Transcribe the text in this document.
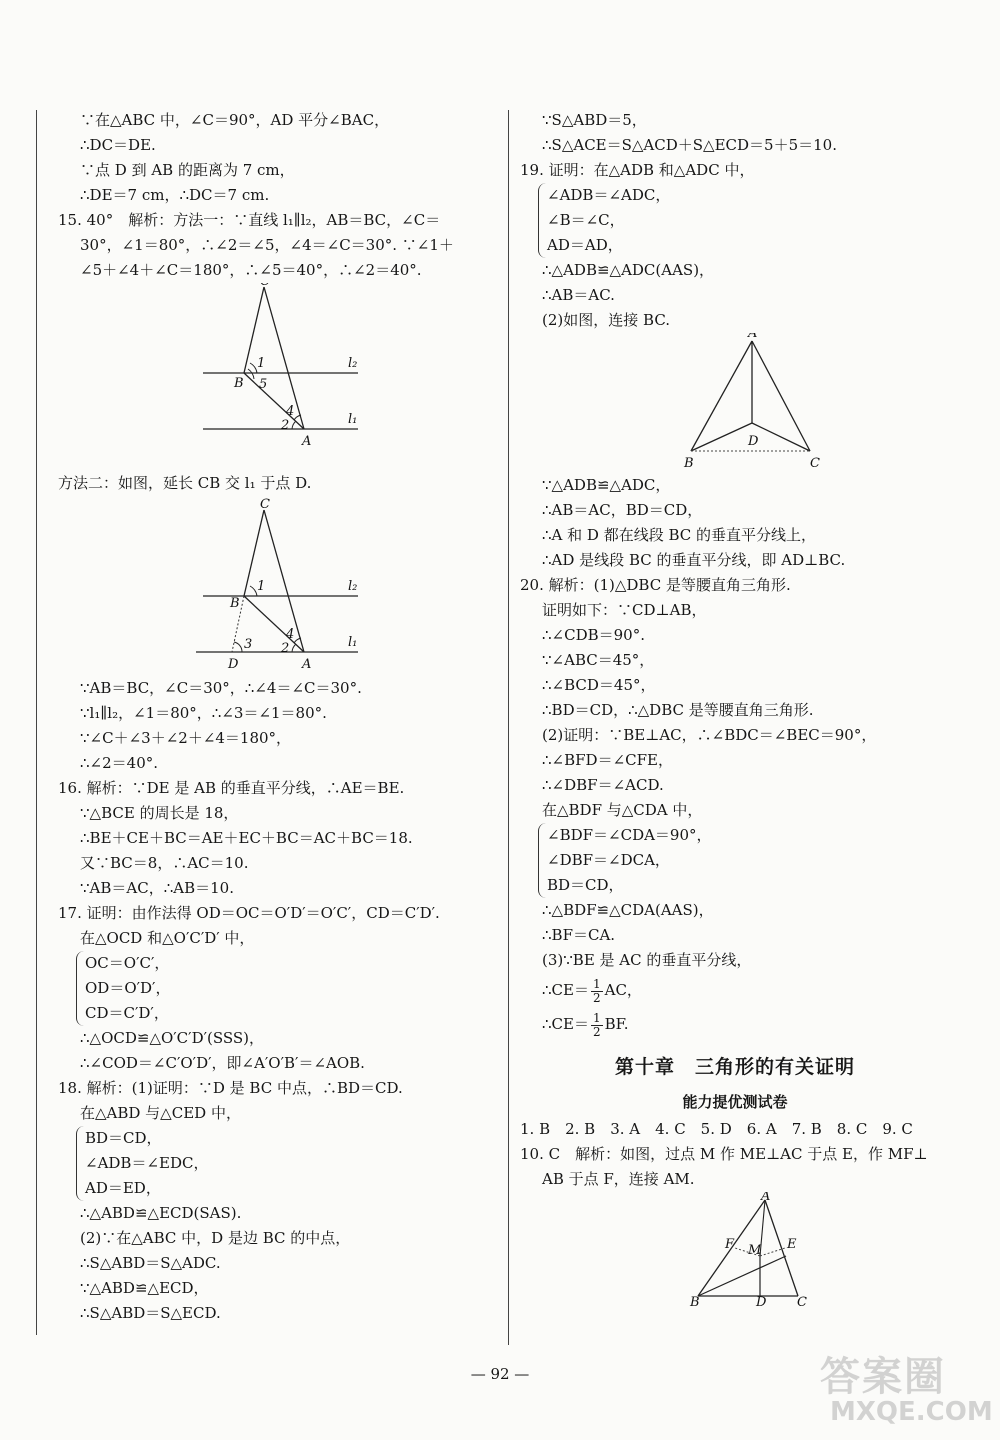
∵在△ABC 中，∠C＝90°，AD 平分∠BAC，
∴DC＝DE.
∵点 D 到 AB 的距离为 7 cm，
∴DE＝7 cm，∴DC＝7 cm.
15. 40°　解析：方法一：∵直线 l₁∥l₂，AB＝BC，∠C＝
30°，∠1＝80°，∴∠2＝∠5，∠4＝∠C＝30°. ∵∠1＋
∠5＋∠4＋∠C＝180°，∴∠5＝40°，∴∠2＝40°.
B
A
1
5
4
2
l₂
l₁
方法二：如图，延长 CB 交 l₁ 于点 D.
C
B
A
D
1
3
4
2
l₂
l₁
∵AB＝BC，∠C＝30°，∴∠4＝∠C＝30°.
∵l₁∥l₂，∠1＝80°，∴∠3＝∠1＝80°.
∵∠C＋∠3＋∠2＋∠4＝180°，
∴∠2＝40°.
16. 解析：∵DE 是 AB 的垂直平分线，∴AE＝BE.
∵△BCE 的周长是 18，
∴BE＋CE＋BC＝AE＋EC＋BC＝AC＋BC＝18.
又∵BC＝8，∴AC＝10.
∵AB＝AC，∴AB＝10.
17. 证明：由作法得 OD＝OC＝O′D′＝O′C′，CD＝C′D′.
在△OCD 和△O′C′D′ 中，
OC＝O′C′，
OD＝O′D′，
CD＝C′D′，
∴△OCD≌△O′C′D′(SSS)，
∴∠COD＝∠C′O′D′，即∠A′O′B′＝∠AOB.
18. 解析：(1)证明：∵D 是 BC 中点，∴BD＝CD.
在△ABD 与△CED 中，
BD＝CD，
∠ADB＝∠EDC，
AD＝ED，
∴△ABD≌△ECD(SAS).
(2)∵在△ABC 中，D 是边 BC 的中点，
∴S△ABD＝S△ADC.
∵△ABD≌△ECD，
∴S△ABD＝S△ECD.
∵S△ABD＝5，
∴S△ACE＝S△ACD＋S△ECD＝5＋5＝10.
19. 证明：在△ADB 和△ADC 中，
∠ADB＝∠ADC，
∠B＝∠C，
AD＝AD，
∴△ADB≌△ADC(AAS)，
∴AB＝AC.
(2)如图，连接 BC.
A
B	C
D
∵△ADB≌△ADC，
∴AB＝AC，BD＝CD，
∴A 和 D 都在线段 BC 的垂直平分线上，
∴AD 是线段 BC 的垂直平分线，即 AD⊥BC.
20. 解析：(1)△DBC 是等腰直角三角形.
证明如下：∵CD⊥AB，
∴∠CDB＝90°.
∵∠ABC＝45°，
∴∠BCD＝45°，
∴BD＝CD，∴△DBC 是等腰直角三角形.
(2)证明：∵BE⊥AC，∴∠BDC＝∠BEC＝90°，
∴∠BFD＝∠CFE，
∴∠DBF＝∠ACD.
在△BDF 与△CDA 中，
∠BDF＝∠CDA＝90°，
∠DBF＝∠DCA，
BD＝CD，
∴△BDF≌△CDA(AAS)，
∴BF＝CA.
(3)∵BE 是 AC 的垂直平分线，
∴CE＝ $\frac{1}{2}$ AC，
∴CE＝ $\frac{1}{2}$ BF.
第十章　三角形的有关证明
能力提优测试卷
1. B　2. B　3. A　4. C　5. D　6. A　7. B　8. C　9. C
10. C　解析：如图，过点 M 作 ME⊥AC 于点 E，作 MF⊥
AB 于点 F，连接 AM.
A
B	C
D
E
F M
— 92 —	答案圈
MXQE.COM
